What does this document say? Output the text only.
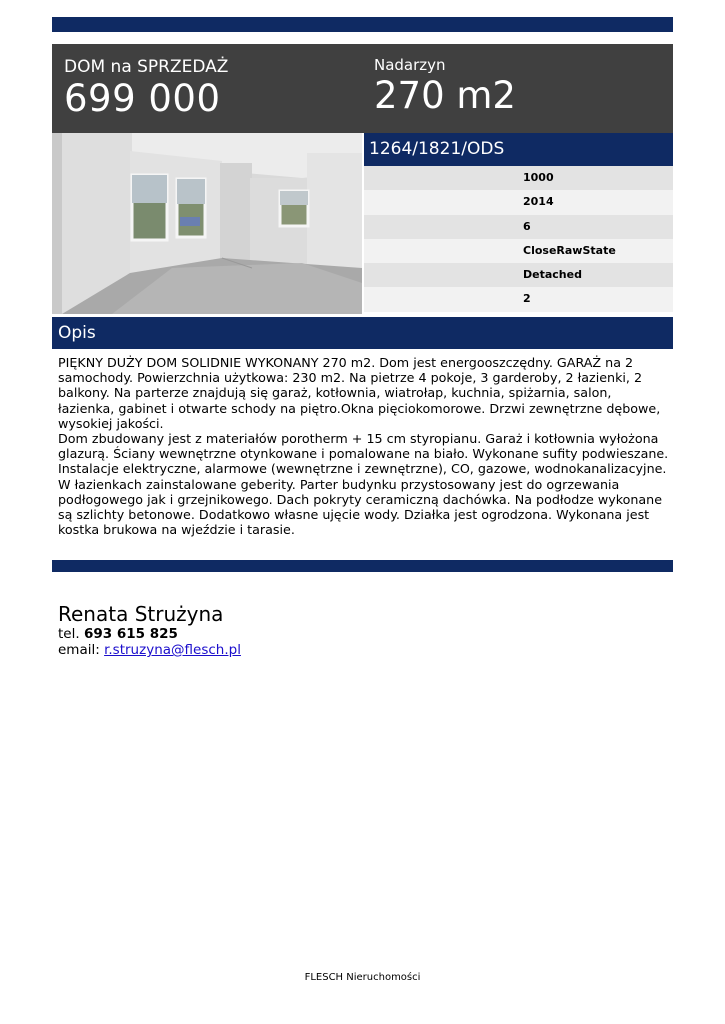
DOM na SPRZEDAŻ
699 000
Nadarzyn
270 m2
1264/1821/ODS
1000
2014
6
CloseRawState
Detached
2
Opis

PIĘKNY DUŻY DOM SOLIDNIE WYKONANY 270 m2. Dom jest energooszczędny. GARAŻ na 2 samochody. Powierzchnia użytkowa: 230 m2. Na pietrze 4 pokoje, 3 garderoby, 2 łazienki, 2 balkony. Na parterze znajdują się garaż, kotłownia, wiatrołap, kuchnia, spiżarnia, salon, łazienka, gabinet i otwarte schody na piętro.Okna pięciokomorowe. Drzwi zewnętrzne dębowe, wysokiej jakości.

Dom zbudowany jest z materiałów porotherm + 15 cm styropianu. Garaż i kotłownia wyłożona glazurą. Ściany wewnętrzne otynkowane i pomalowane na biało. Wykonane sufity podwieszane. Instalacje elektryczne, alarmowe (wewnętrzne i zewnętrzne), CO, gazowe, wodnokanalizacyjne. W łazienkach zainstalowane geberity. Parter budynku przystosowany jest do ogrzewania podłogowego jak i grzejnikowego. Dach pokryty ceramiczną dachówka. Na podłodze wykonane są szlichty betonowe. Dodatkowo własne ujęcie wody. Działka jest ogrodzona. Wykonana jest kostka brukowa na wjeździe i tarasie.

Renata Strużyna
tel. 693 615 825
email: r.struzyna@flesch.pl
FLESCH Nieruchomości
